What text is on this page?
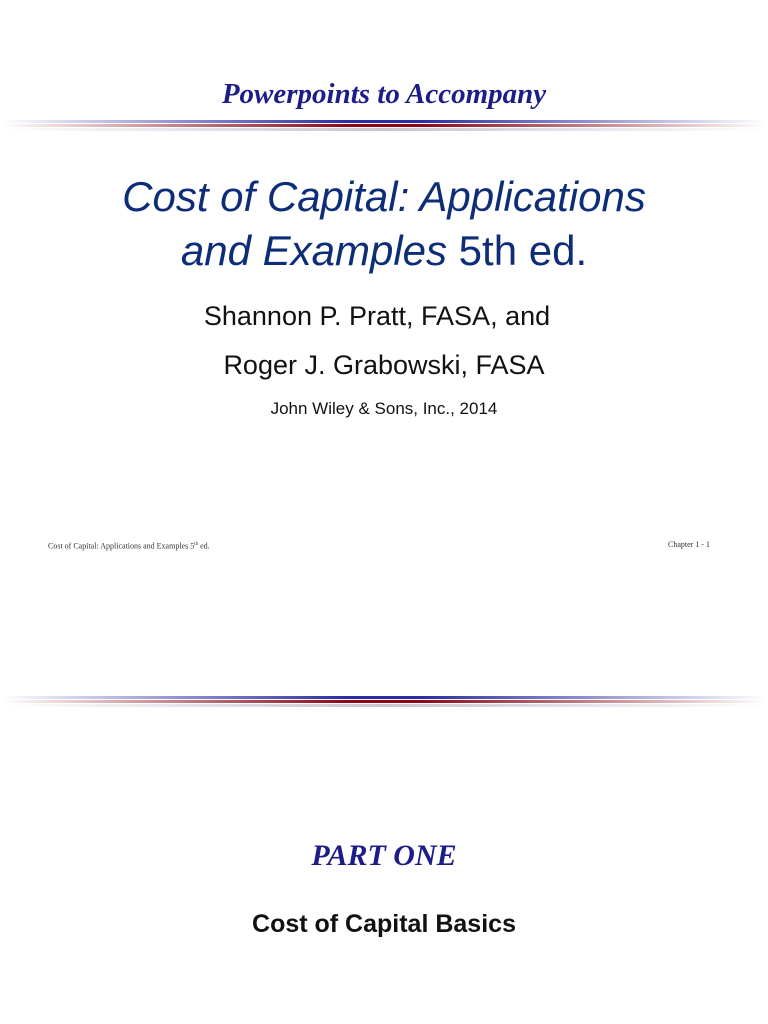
Powerpoints to Accompany
Cost of Capital: Applications
and Examples 5th ed.
Shannon P. Pratt, FASA, and
Roger J. Grabowski, FASA
John Wiley & Sons, Inc., 2014
Cost of Capital: Applications and Examples 5th ed.	Chapter 1 - 1
PART ONE
Cost of Capital Basics
